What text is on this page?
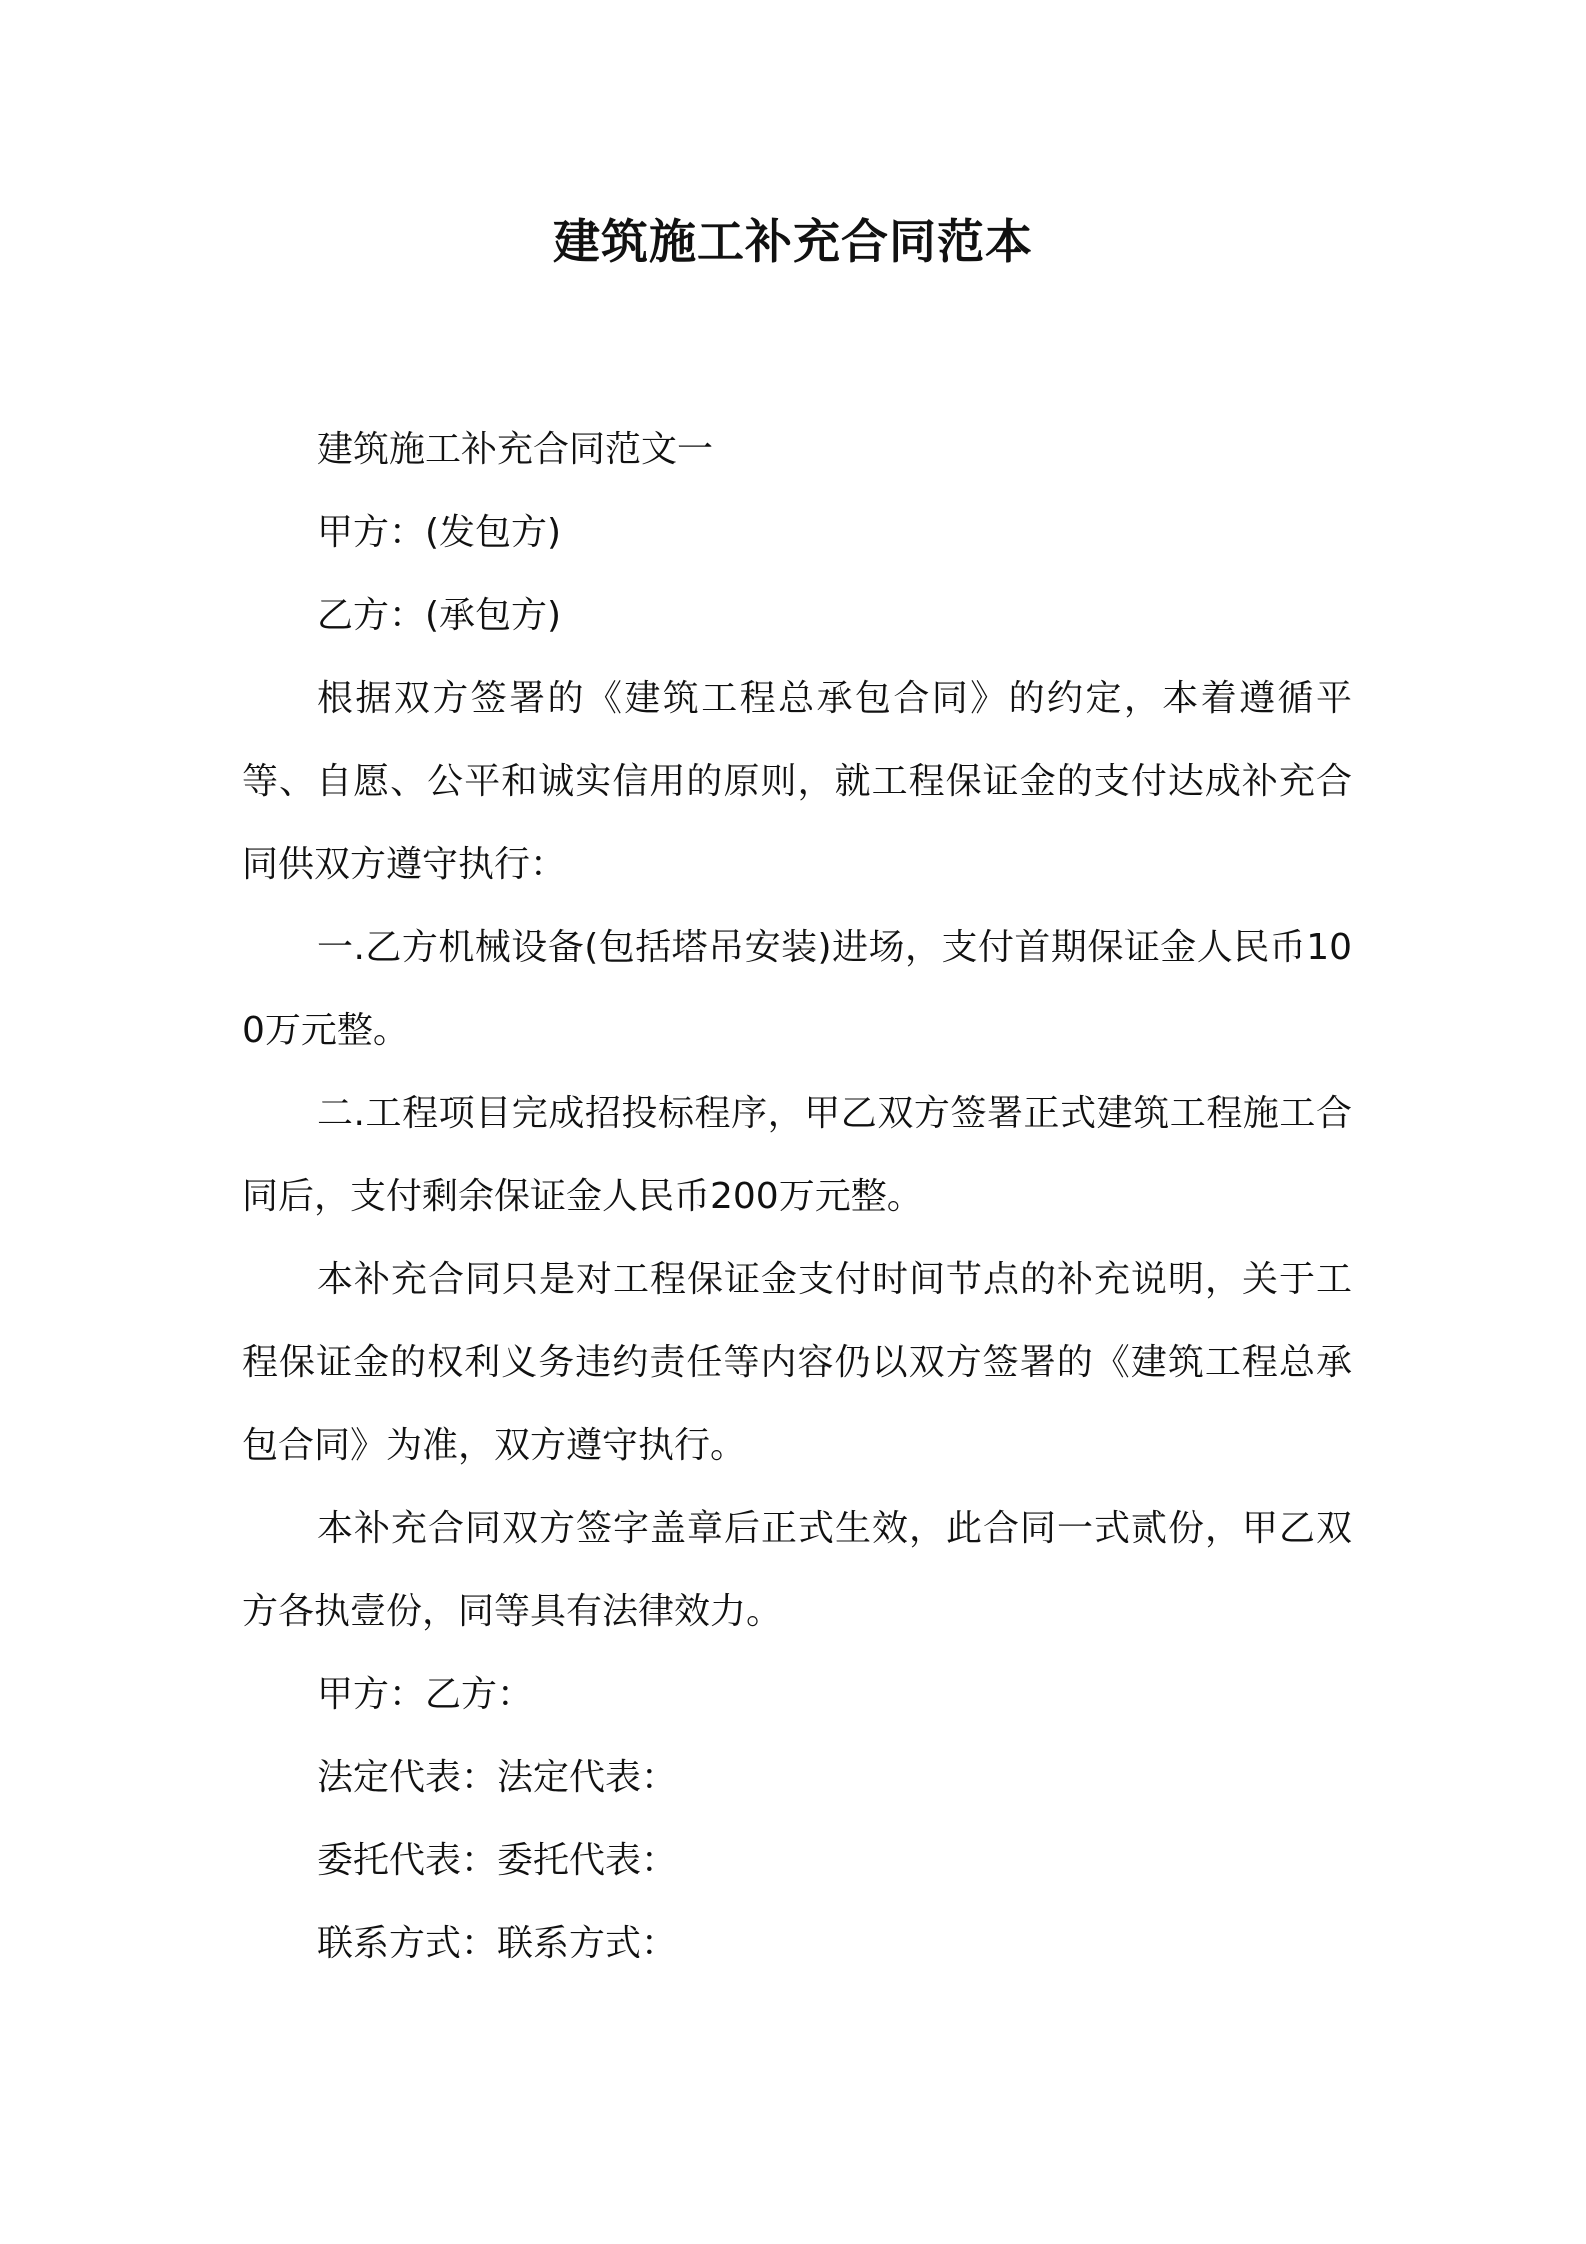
建筑施工补充合同范本

建筑施工补充合同范文一

甲方：(发包方)

乙方：(承包方)

根据双方签署的《建筑工程总承包合同》的约定，本着遵循平等、自愿、公平和诚实信用的原则，就工程保证金的支付达成补充合同供双方遵守执行：

一.乙方机械设备(包括塔吊安装)进场，支付首期保证金人民币100万元整。

二.工程项目完成招投标程序，甲乙双方签署正式建筑工程施工合同后，支付剩余保证金人民币200万元整。

本补充合同只是对工程保证金支付时间节点的补充说明，关于工程保证金的权利义务违约责任等内容仍以双方签署的《建筑工程总承包合同》为准，双方遵守执行。

本补充合同双方签字盖章后正式生效，此合同一式贰份，甲乙双方各执壹份，同等具有法律效力。

甲方：乙方：

法定代表：法定代表：

委托代表：委托代表：

联系方式：联系方式：
